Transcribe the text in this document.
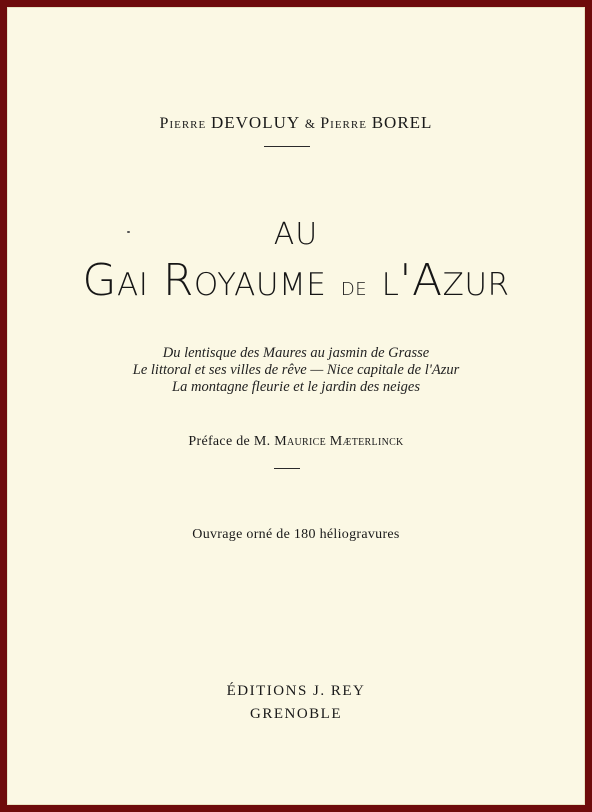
Pierre DEVOLUY & Pierre BOREL
AU
Gai Royaume de l'Azur
Du lentisque des Maures au jasmin de Grasse
Le littoral et ses villes de rêve — Nice capitale de l'Azur
La montagne fleurie et le jardin des neiges
Préface de M. Maurice Mæterlinck
Ouvrage orné de 180 héliogravures
ÉDITIONS J. REY
GRENOBLE
